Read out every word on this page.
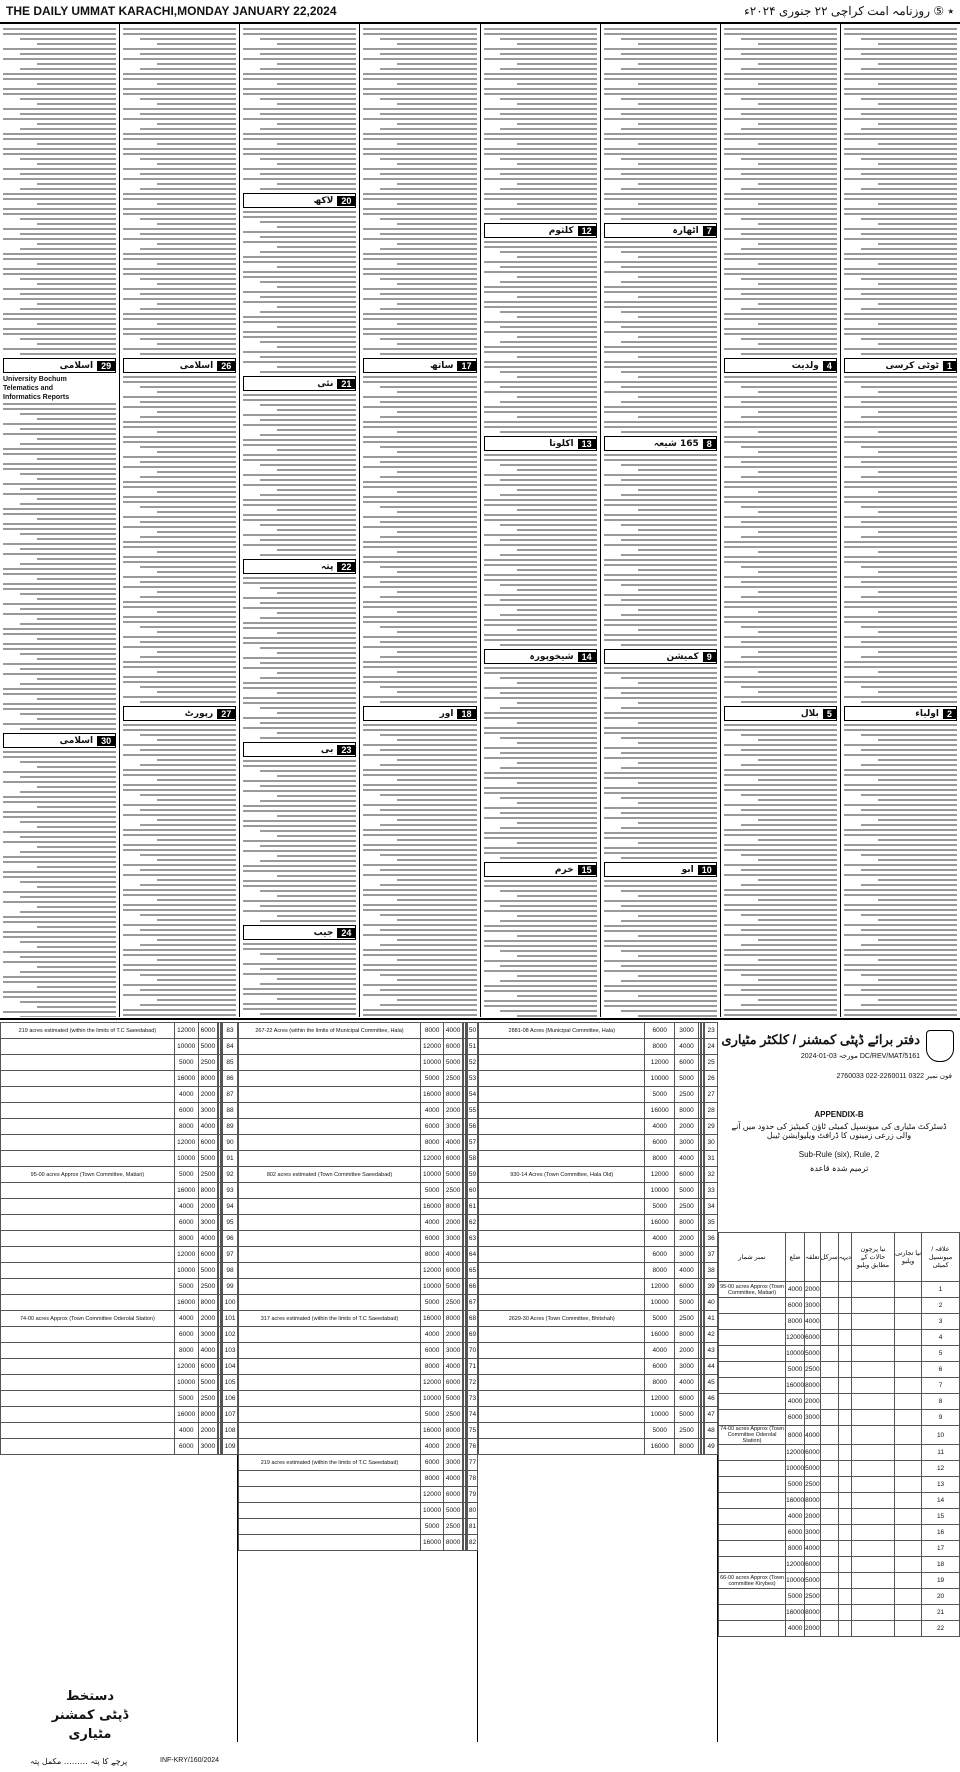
THE DAILY UMMAT KARACHI,MONDAY JANUARY 22,2024	٭ ⑤ روزنامہ امت کراچی ۲۲ جنوری ۲۰۲۴ء
1
ٹوٹی کرسی
2
اولیاء
4
ولدیت
5
بلال
7
اٹھارہ
8
165 شیعہ
9
کمیشن
10
ابو
12
کلثوم
13
اکلوتا
14
شیخوپورہ
15
خرم
17
ساتھ
18
اور
20
لاکھ
21
نئی
22
پتہ
23
بی
24
جیب
26
اسلامی
27
رپورٹ
29
اسلامی
University Bochum
Telematics and
Informatics Reports
30
اسلامی
دفتر برائے ڈپٹی کمشنر / کلکٹر مٹیاری
DC/REV/MAT/5161 مورخہ 03-01-2024
فون نمبر 0322 2260011-022 2760033
APPENDIX-B
ڈسٹرکٹ مٹیاری کی میونسپل کمیٹی ٹاؤن کمیٹیز کی حدود میں آنے والی زرعی زمینوں کا ڈرافٹ ویلیوایشن ٹیبل
Sub-Rule (six), Rule, 2
ترمیم شدہ قاعدہ
نمبر شمار	ضلع	تعلقہ	سرکل	دیہہ	نیا پرچون حالات کے مطابق ویلیو	نیا تجارتی ویلیو	علاقہ / میونسپل کمیٹی
95-00 acres Approx (Town Committee, Matiari)	4000	2000					1
	6000	3000					2
	8000	4000					3
	12000	6000					4
	10000	5000					5
	5000	2500					6
	16000	8000					7
	4000	2000					8
	6000	3000					9
74-00 acres Approx (Town Committee Oderolal Station)	8000	4000					10
	12000	6000					11
	10000	5000					12
	5000	2500					13
	16000	8000					14
	4000	2000					15
	6000	3000					16
	8000	4000					17
	12000	6000					18
66-00 acres Approx (Town committee Kirybes)	10000	5000					19
	5000	2500					20
	16000	8000					21
	4000	2000					22
2881-08 Acres (Municipal Committee, Hala)	6000	3000					23
	8000	4000					24
	12000	6000					25
	10000	5000					26
	5000	2500					27
	16000	8000					28
	4000	2000					29
	6000	3000					30
	8000	4000					31
930-14 Acres (Town Committee, Hala Old)	12000	6000					32
	10000	5000					33
	5000	2500					34
	16000	8000					35
	4000	2000					36
	6000	3000					37
	8000	4000					38
	12000	6000					39
	10000	5000					40
2629-30 Acres (Town Committee, Bhitshah)	5000	2500					41
	16000	8000					42
	4000	2000					43
	6000	3000					44
	8000	4000					45
	12000	6000					46
	10000	5000					47
	5000	2500					48
	16000	8000					49
267-22 Acres (within the limits of Municipal Committee, Hala)	8000	4000					50
	12000	6000					51
	10000	5000					52
	5000	2500					53
	16000	8000					54
	4000	2000					55
	6000	3000					56
	8000	4000					57
	12000	6000					58
802 acres estimated (Town Committee Saeedabad)	10000	5000					59
	5000	2500					60
	16000	8000					61
	4000	2000					62
	6000	3000					63
	8000	4000					64
	12000	6000					65
	10000	5000					66
	5000	2500					67
317 acres estimated (within the limits of T.C Saeedabad)	16000	8000					68
	4000	2000					69
	6000	3000					70
	8000	4000					71
	12000	6000					72
	10000	5000					73
	5000	2500					74
	16000	8000					75
	4000	2000					76
219 acres estimated (within the limits of T.C Saeedabad)	6000	3000					77
	8000	4000					78
	12000	6000					79
	10000	5000					80
	5000	2500					81
	16000	8000					82
219 acres estimated (within the limits of T.C Saeedabad)	12000	6000					83
	10000	5000					84
	5000	2500					85
	16000	8000					86
	4000	2000					87
	6000	3000					88
	8000	4000					89
	12000	6000					90
	10000	5000					91
95-00 acres Approx (Town Committee, Matiari)	5000	2500					92
	16000	8000					93
	4000	2000					94
	6000	3000					95
	8000	4000					96
	12000	6000					97
	10000	5000					98
	5000	2500					99
	16000	8000					100
74-00 acres Approx (Town Committee Oderolal Station)	4000	2000					101
	6000	3000					102
	8000	4000					103
	12000	6000					104
	10000	5000					105
	5000	2500					106
	16000	8000					107
	4000	2000					108
	6000	3000					109
دستخط
ڈپٹی کمشنر
مٹیاری
پرچے کا پتہ ……… مکمل پتہ	INF-KRY/160/2024
